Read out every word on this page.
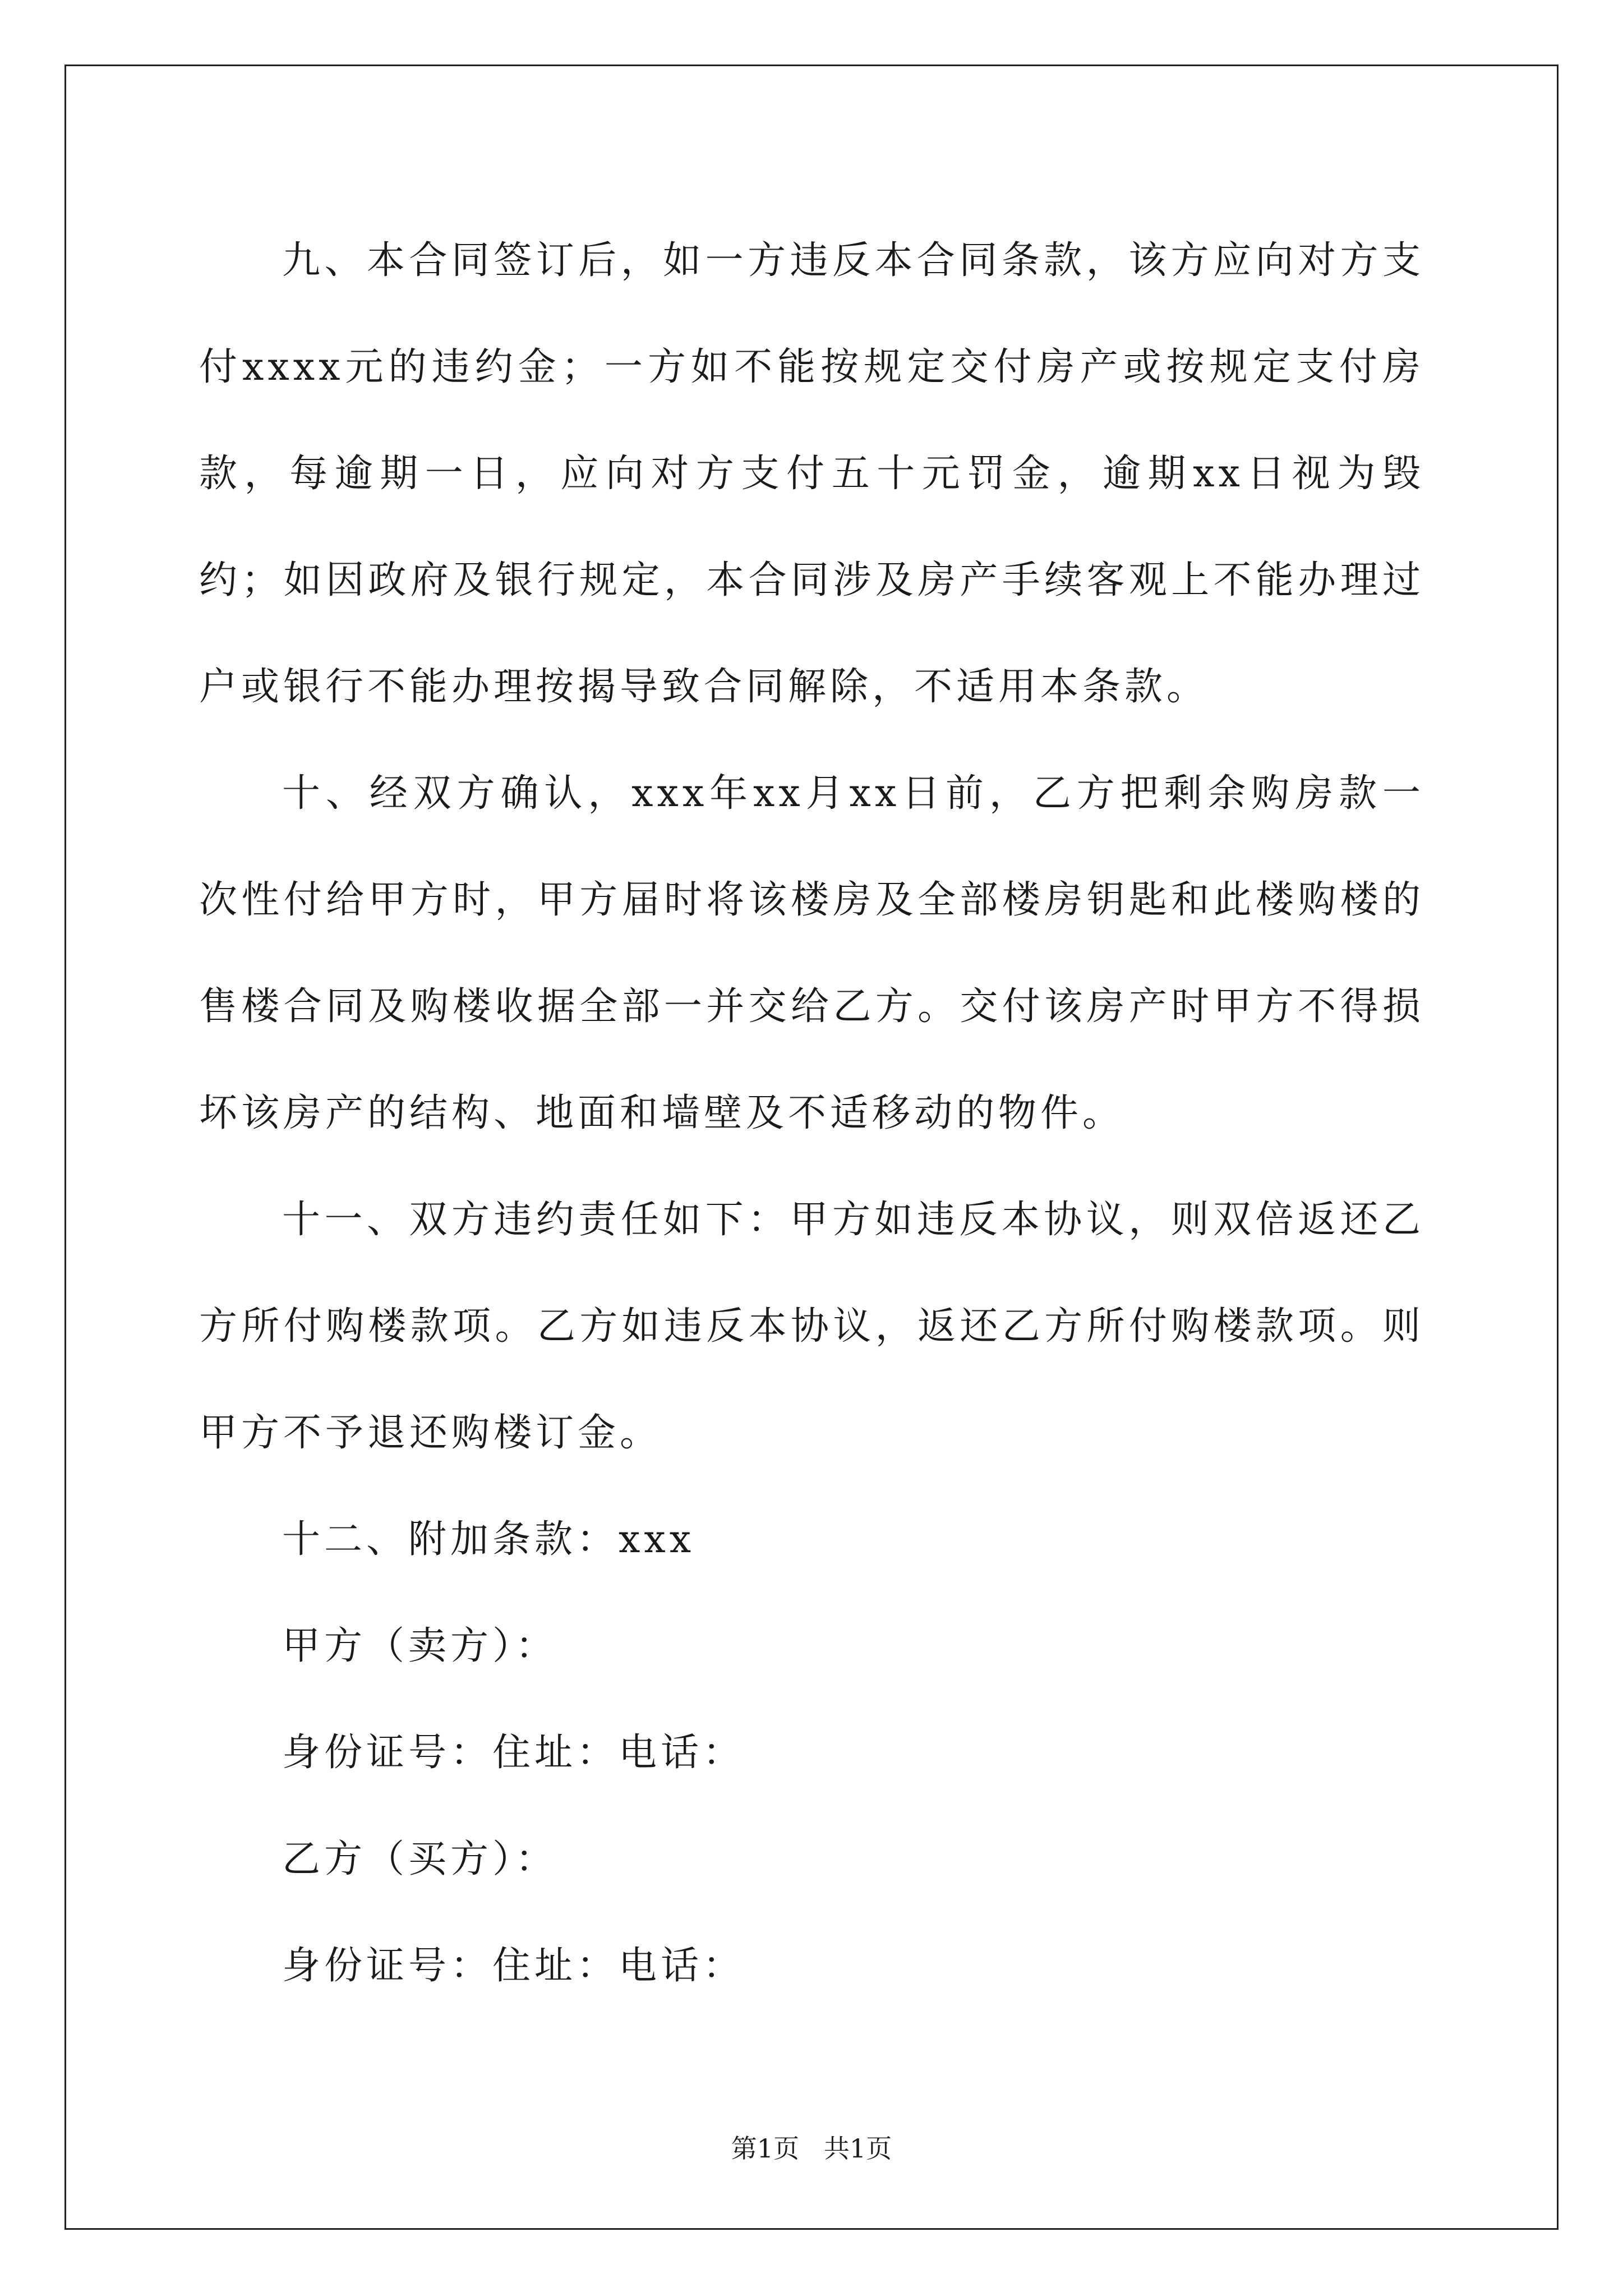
九、本合同签订后，如一方违反本合同条款，该方应向对方支付xxxx元的违约金；一方如不能按规定交付房产或按规定支付房款，每逾期一日，应向对方支付五十元罚金，逾期xx日视为毁约；如因政府及银行规定，本合同涉及房产手续客观上不能办理过户或银行不能办理按揭导致合同解除，不适用本条款。

十、经双方确认，xxx年xx月xx日前，乙方把剩余购房款一次性付给甲方时，甲方届时将该楼房及全部楼房钥匙和此楼购楼的售楼合同及购楼收据全部一并交给乙方。交付该房产时甲方不得损坏该房产的结构、地面和墙壁及不适移动的物件。

十一、双方违约责任如下：甲方如违反本协议，则双倍返还乙方所付购楼款项。乙方如违反本协议，返还乙方所付购楼款项。则甲方不予退还购楼订金。

十二、附加条款：xxx

甲方（卖方）：

身份证号：住址：电话：

乙方（买方）：

身份证号：住址：电话：

第1页   共1页
